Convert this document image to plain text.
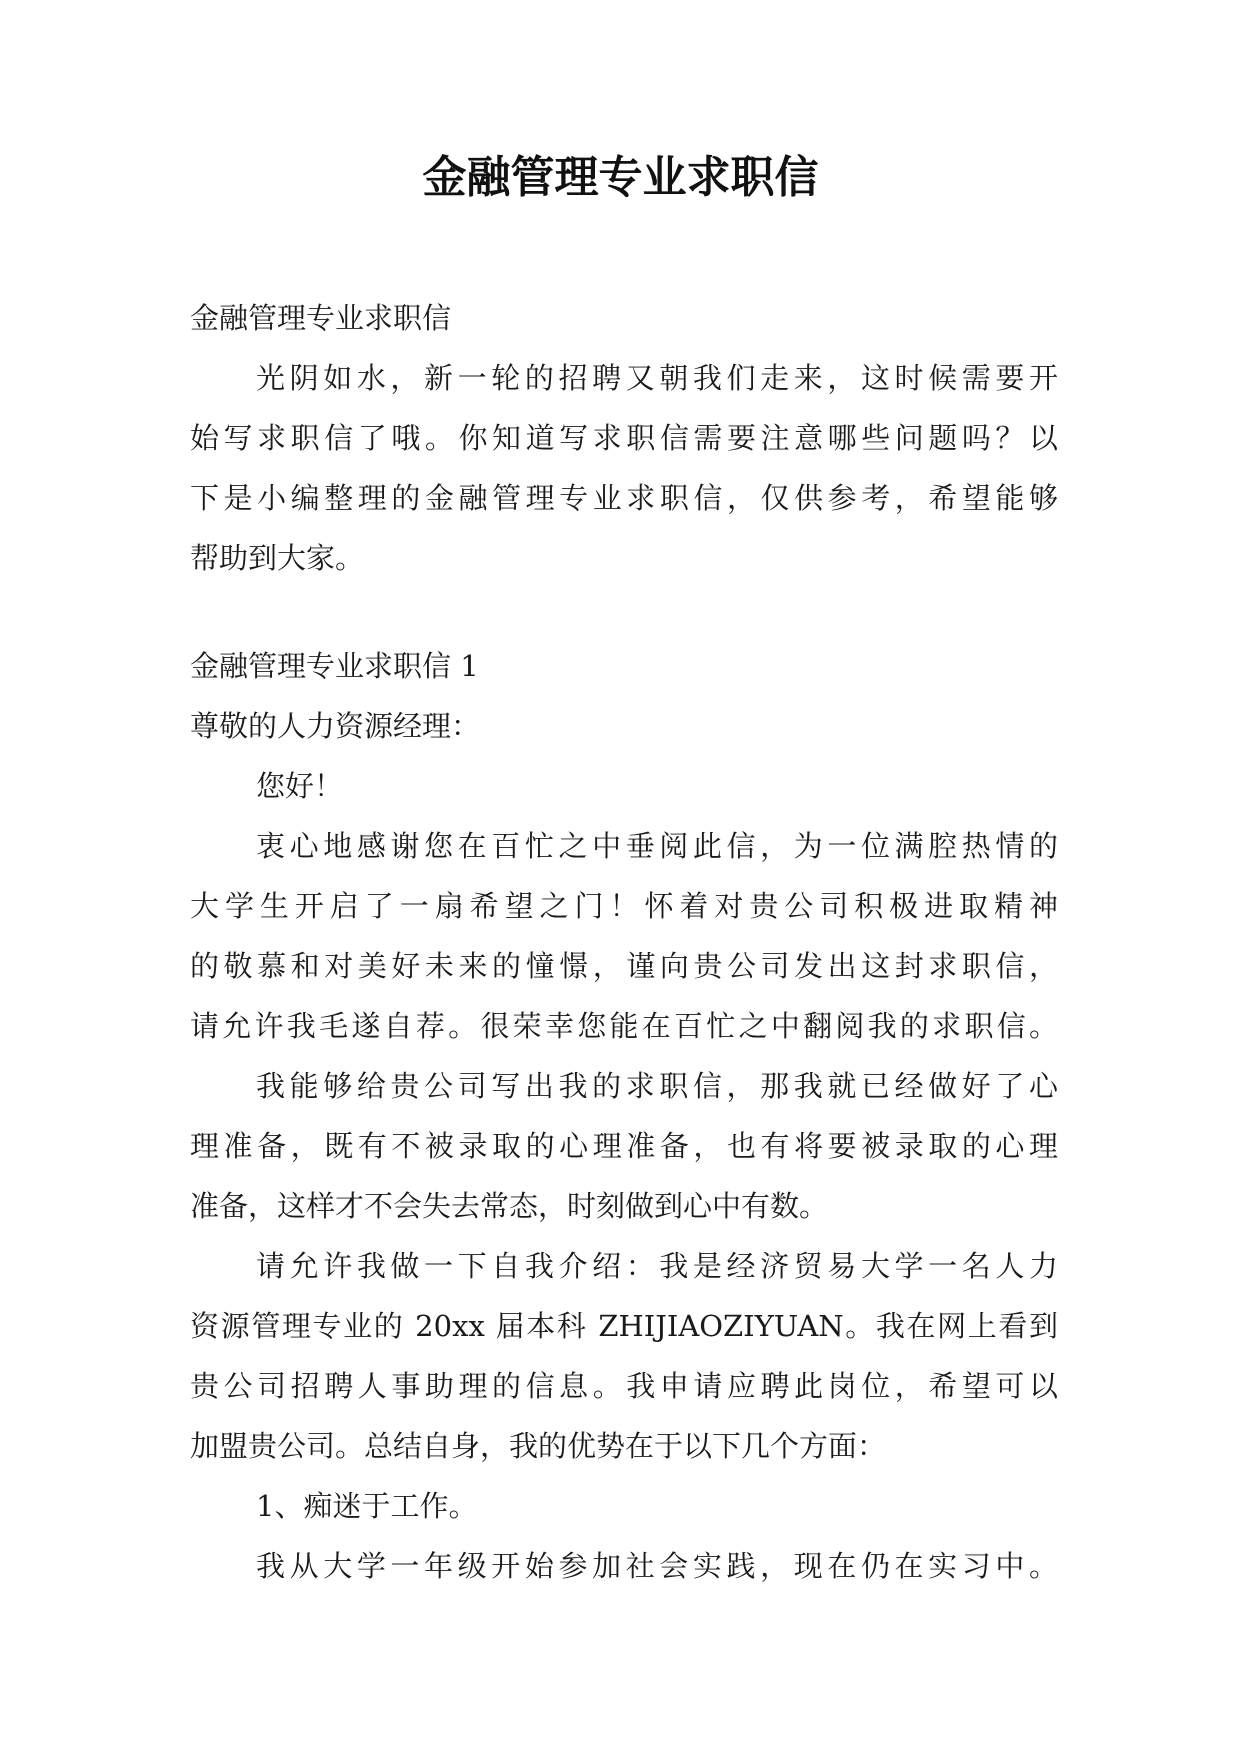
金融管理专业求职信
金融管理专业求职信
光阴如水，新一轮的招聘又朝我们走来，这时候需要开
始写求职信了哦。你知道写求职信需要注意哪些问题吗？以
下是小编整理的金融管理专业求职信，仅供参考，希望能够
帮助到大家。
金融管理专业求职信 1
尊敬的人力资源经理：
您好！
衷心地感谢您在百忙之中垂阅此信，为一位满腔热情的
大学生开启了一扇希望之门！怀着对贵公司积极进取精神
的敬慕和对美好未来的憧憬，谨向贵公司发出这封求职信，
请允许我毛遂自荐。很荣幸您能在百忙之中翻阅我的求职信。
我能够给贵公司写出我的求职信，那我就已经做好了心
理准备，既有不被录取的心理准备，也有将要被录取的心理
准备，这样才不会失去常态，时刻做到心中有数。
请允许我做一下自我介绍：我是经济贸易大学一名人力
资源管理专业的 20xx 届本科 ZHIJIAOZIYUAN。我在网上看到
贵公司招聘人事助理的信息。我申请应聘此岗位，希望可以
加盟贵公司。总结自身，我的优势在于以下几个方面：
1、痴迷于工作。
我从大学一年级开始参加社会实践，现在仍在实习中。
